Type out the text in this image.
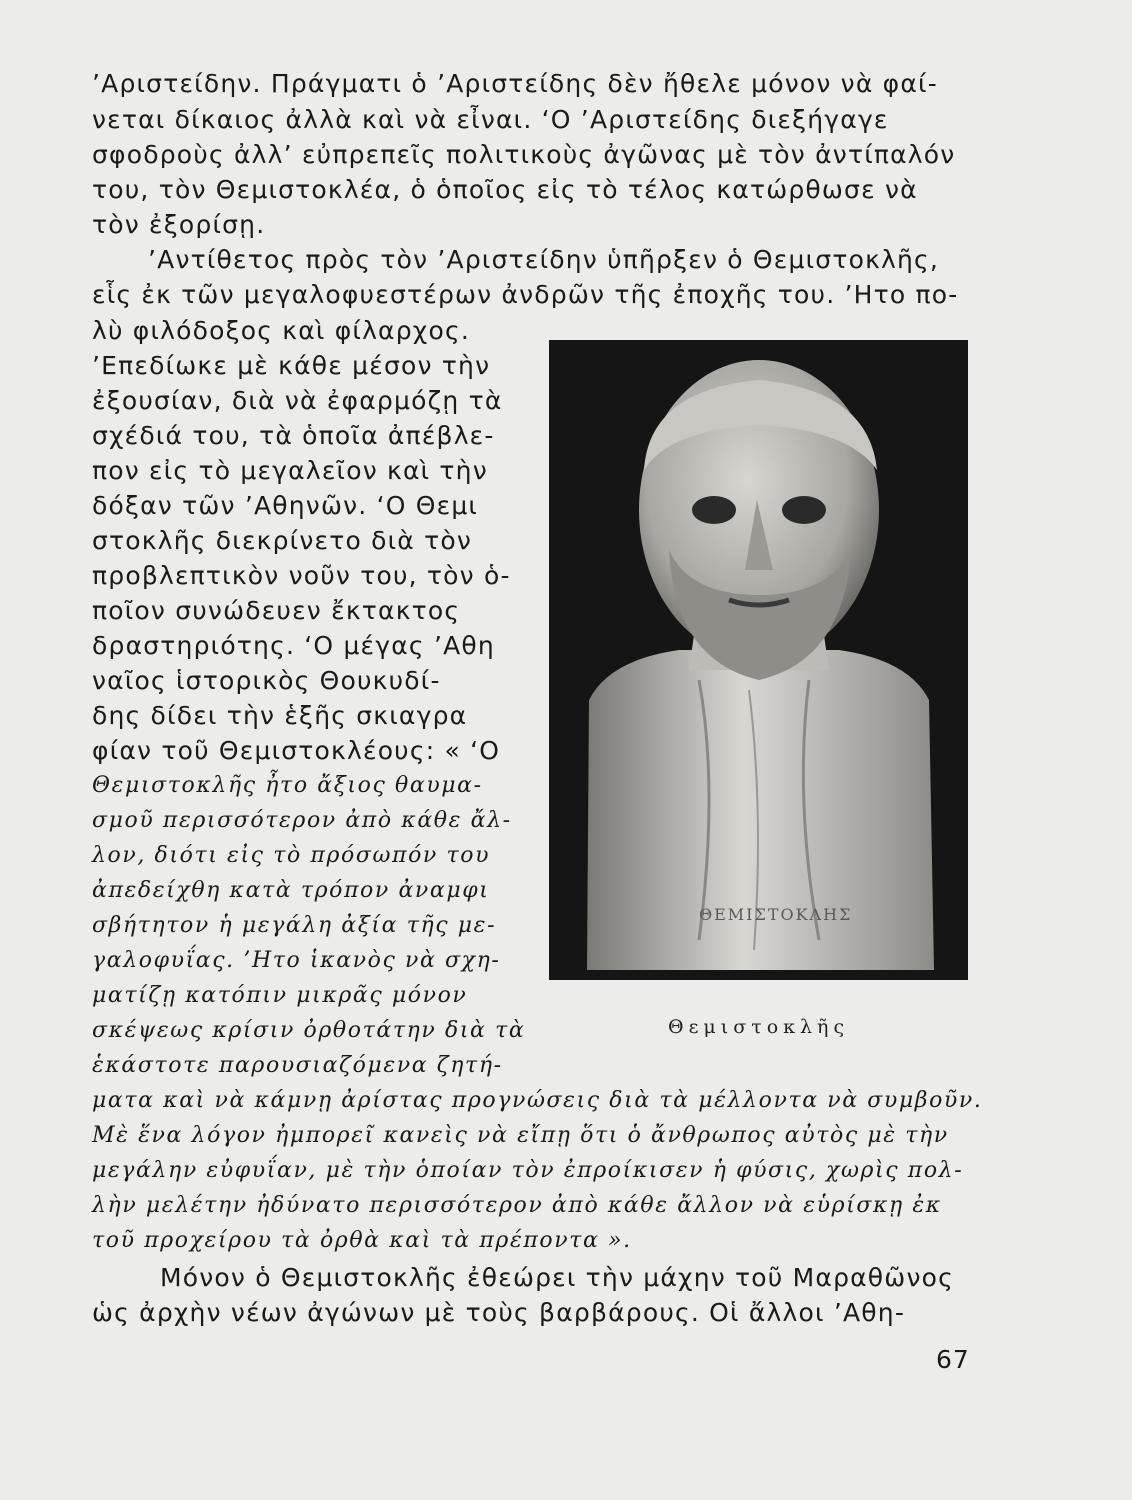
’Αριστείδην. Πράγματι ὁ ’Αριστείδης δὲν ἤθελε μόνον νὰ φαί-
νεται δίκαιος ἀλλὰ καὶ νὰ εἶναι. ‘Ο ’Αριστείδης διεξήγαγε
σφοδροὺς ἀλλ’ εὐπρεπεῖς πολιτικοὺς ἀγῶνας μὲ τὸν ἀντίπαλόν
του, τὸν Θεμιστοκλέα, ὁ ὁποῖος εἰς τὸ τέλος κατώρθωσε νὰ
τὸν ἐξορίσῃ.
’Αντίθετος πρὸς τὸν ’Αριστείδην ὑπῆρξεν ὁ Θεμιστοκλῆς,
εἷς ἐκ τῶν μεγαλοφυεστέρων ἀνδρῶν τῆς ἐποχῆς του. ’Ητο πο-
λὺ φιλόδοξος καὶ φίλαρχος.
’Επεδίωκε μὲ κάθε μέσον τὴν
ἐξουσίαν, διὰ νὰ ἐφαρμόζῃ τὰ
σχέδιά του, τὰ ὁποῖα ἀπέβλε-
πον εἰς τὸ μεγαλεῖον καὶ τὴν
δόξαν τῶν ’Αθηνῶν. ‘Ο Θεμι
στοκλῆς διεκρίνετο διὰ τὸν
προβλεπτικὸν νοῦν του, τὸν ὁ-
ποῖον συνώδευεν ἔκτακτος
δραστηριότης. ‘Ο μέγας ’Αθη
ναῖος ἱστορικὸς Θουκυδί-
δης δίδει τὴν ἑξῆς σκιαγρα
φίαν τοῦ Θεμιστοκλέους: « ‘Ο
Θεμιστοκλῆς ἦτο ἄξιος θαυμα-
σμοῦ περισσότερον ἀπὸ κάθε ἄλ-
λον, διότι εἰς τὸ πρόσωπόν του
ἀπεδείχθη κατὰ τρόπον ἀναμφι
σβήτητον ἡ μεγάλη ἀξία τῆς με-
γαλοφυΐας. ’Ητο ἱκανὸς νὰ σχη-
ματίζῃ κατόπιν μικρᾶς μόνον
σκέψεως κρίσιν ὀρθοτάτην διὰ τὰ
ἑκάστοτε παρουσιαζόμενα ζητή-
ματα καὶ νὰ κάμνῃ ἀρίστας προγνώσεις διὰ τὰ μέλλοντα νὰ συμβοῦν.
Μὲ ἕνα λόγον ἠμπορεῖ κανεὶς νὰ εἴπῃ ὅτι ὁ ἄνθρωπος αὐτὸς μὲ τὴν
μεγάλην εὐφυΐαν, μὲ τὴν ὁποίαν τὸν ἐπροίκισεν ἡ φύσις, χωρὶς πολ-
λὴν μελέτην ἠδύνατο περισσότερον ἀπὸ κάθε ἄλλον νὰ εὑρίσκῃ ἐκ
τοῦ προχείρου τὰ ὀρθὰ καὶ τὰ πρέποντα ».
Μόνον ὁ Θεμιστοκλῆς ἐθεώρει τὴν μάχην τοῦ Μαραθῶνος
ὡς ἀρχὴν νέων ἀγώνων μὲ τοὺς βαρβάρους. Οἱ ἄλλοι ’Αθη-
ΘΕΜΙΣΤΟΚΛΗΣ
Θεμιστοκλῆς
67
